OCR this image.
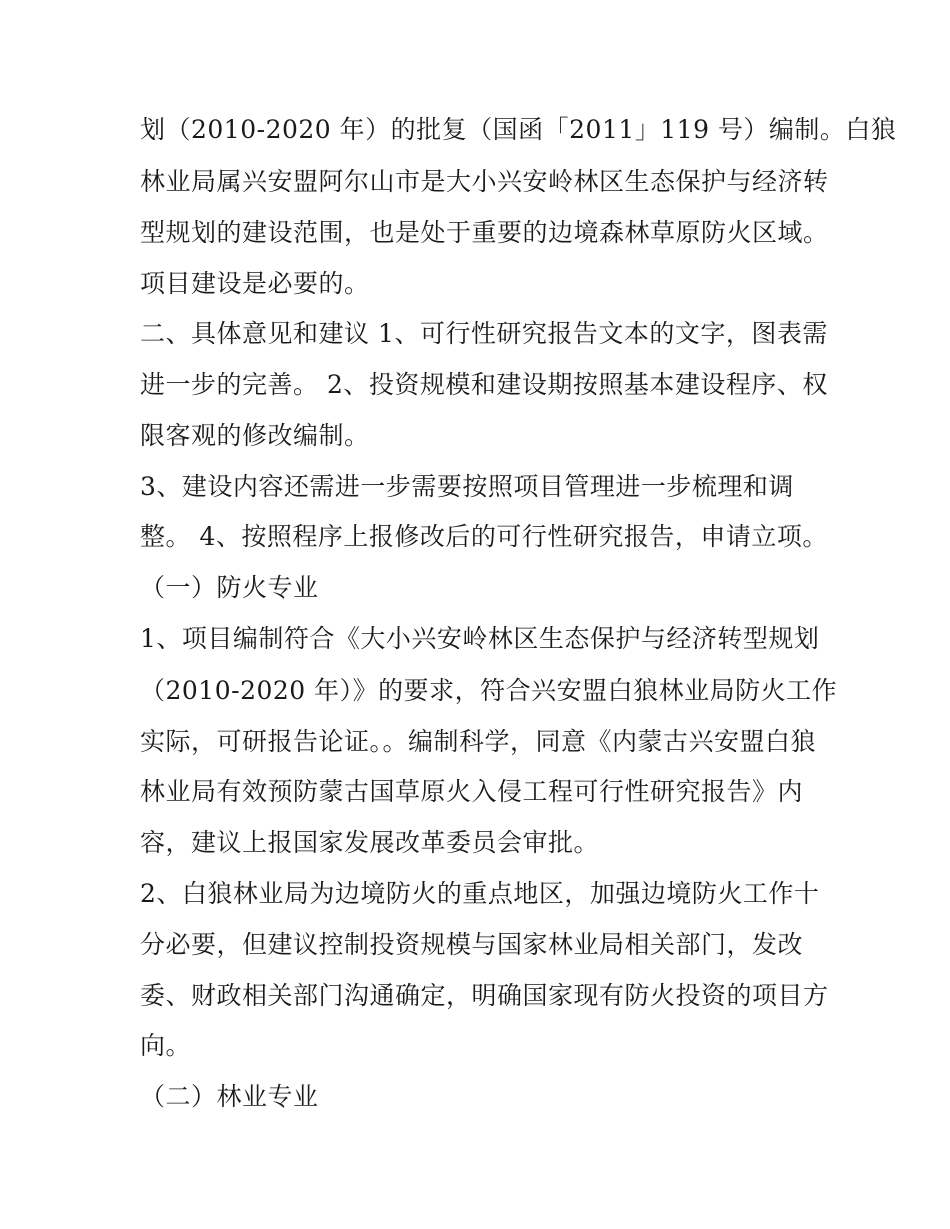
划（2010-2020 年）的批复（国函「2011」119 号）编制。白狼
林业局属兴安盟阿尔山市是大小兴安岭林区生态保护与经济转
型规划的建设范围，也是处于重要的边境森林草原防火区域。
项目建设是必要的。
二、具体意见和建议 1、可行性研究报告文本的文字，图表需
进一步的完善。 2、投资规模和建设期按照基本建设程序、权
限客观的修改编制。
3、建设内容还需进一步需要按照项目管理进一步梳理和调
整。 4、按照程序上报修改后的可行性研究报告，申请立项。
（一）防火专业
1、项目编制符合《大小兴安岭林区生态保护与经济转型规划
（2010-2020 年）》的要求，符合兴安盟白狼林业局防火工作
实际，可研报告论证。。编制科学，同意《内蒙古兴安盟白狼
林业局有效预防蒙古国草原火入侵工程可行性研究报告》内
容，建议上报国家发展改革委员会审批。
2、白狼林业局为边境防火的重点地区，加强边境防火工作十
分必要，但建议控制投资规模与国家林业局相关部门，发改
委、财政相关部门沟通确定，明确国家现有防火投资的项目方
向。
（二）林业专业
